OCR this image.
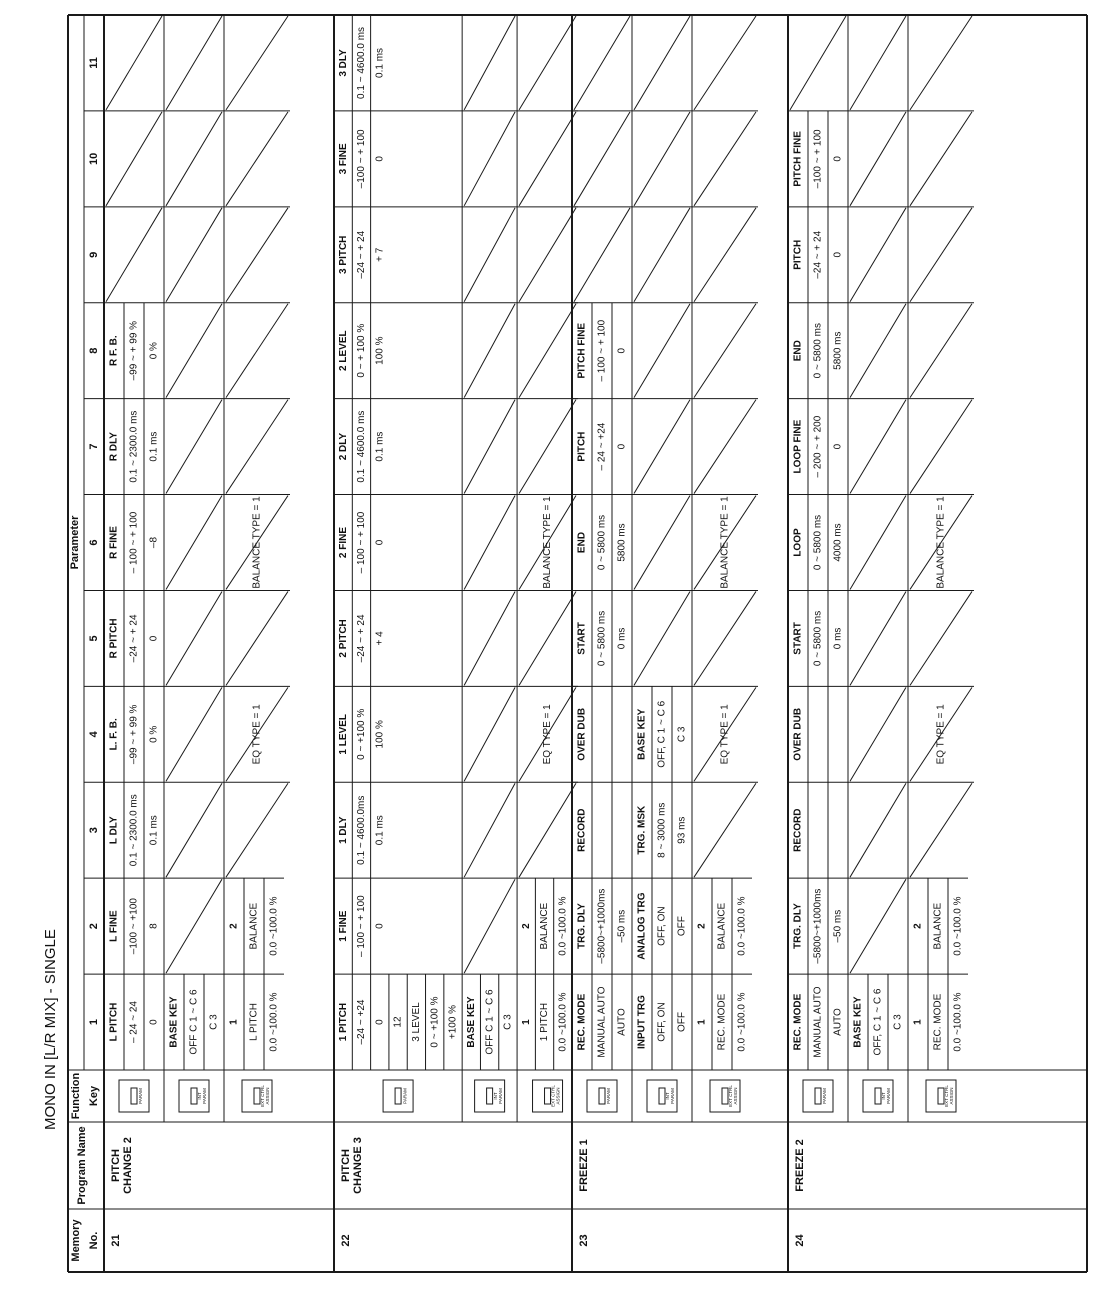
MONO IN [L/R MIX] - SINGLE
Memory No.
Program Name
Function Key
Parameter
1
2
3
4
5
6
7
8
9
10
11
21
PITCH CHANGE 2
PARAM
L PITCH
L FINE
L DLY
L. F. B.
R PITCH
R FINE
R DLY
R F. B.
– 24 ~ 24
–100 ~ +100
0.1 ~ 2300.0 ms
–99 ~ + 99 %
–24 ~ + 24
– 100 ~ + 100
0.1 ~ 2300.0 ms
–99 ~ + 99 %
0
8
0.1 ms
0 %
0
–8
0.1 ms
0 %
INT PARAM
BASE KEY OFF C 1 ~ C 6 C 3
EXT CTRL ASSIGN
1
2
L PITCH
BALANCE
0.0 ~100.0 %
0.0 ~100.0 %
EQ TYPE = 1
BALANCE TYPE = 1
22
PITCH CHANGE 3
PARAM
1 PITCH
1 FINE
1 DLY
1 LEVEL
2 PITCH
2 FINE
2 DLY
2 LEVEL
3 PITCH
3 FINE
3 DLY
–24 ~ +24
– 100 ~ + 100
0.1 ~ 4600.0ms
0 ~ +100 %
–24 ~ + 24
– 100 ~ + 100
0.1 ~ 4600.0 ms
0 ~ + 100 %
–24 ~ + 24
–100 ~ + 100
0.1 ~ 4600.0 ms
0
0
0.1 ms
100 %
+ 4
0
0.1 ms
100 %
+ 7
0
0.1 ms
12 3 LEVEL 0 ~ +100 % +100 %
INT PARAM
BASE KEY OFF C 1 ~ C 6 C 3
EXT CTRL ASSIGN
1
2
1 PITCH
BALANCE
0.0 ~100.0 %
0.0 ~100.0 %
EQ TYPE = 1
BALANCE TYPE = 1
23
FREEZE 1
PARAM
REC. MODE
TRG. DLY
RECORD
OVER DUB
START
END
PITCH
PITCH FINE
MANUAL AUTO
–5800~+1000ms
0 ~ 5800 ms
0 ~ 5800 ms
– 24 ~ +24
– 100 ~ + 100
AUTO
–50 ms
0 ms
5800 ms
0
0
INT PARAM
INPUT TRG
ANALOG TRG
TRG. MSK
BASE KEY
OFF, ON
OFF, ON
8 ~ 3000 ms
OFF, C 1 ~ C 6
OFF
OFF
93 ms
C 3
EXT CTRL ASSIGN
1
2
REC. MODE
BALANCE
0.0 ~100.0 %
0.0 ~100.0 %
EQ TYPE = 1
BALANCE TYPE = 1
24
FREEZE 2
PARAM
REC. MODE
TRG. DLY
RECORD
OVER DUB
START
LOOP
LOOP FINE
END
PITCH
PITCH FINE
MANUAL AUTO
–5800~+1000ms
0 ~ 5800 ms
0 ~ 5800 ms
– 200 ~ + 200
0 ~ 5800 ms
–24 ~ + 24
–100 ~ + 100
AUTO
–50 ms
0 ms
4000 ms
0
5800 ms
0
0
INT PARAM
BASE KEY OFF, C 1 ~ C 6 C 3
EXT CTRL ASSIGN
1
2
REC. MODE
BALANCE
0.0 ~100.0 %
0.0 ~100.0 %
EQ TYPE = 1
BALANCE TYPE = 1
